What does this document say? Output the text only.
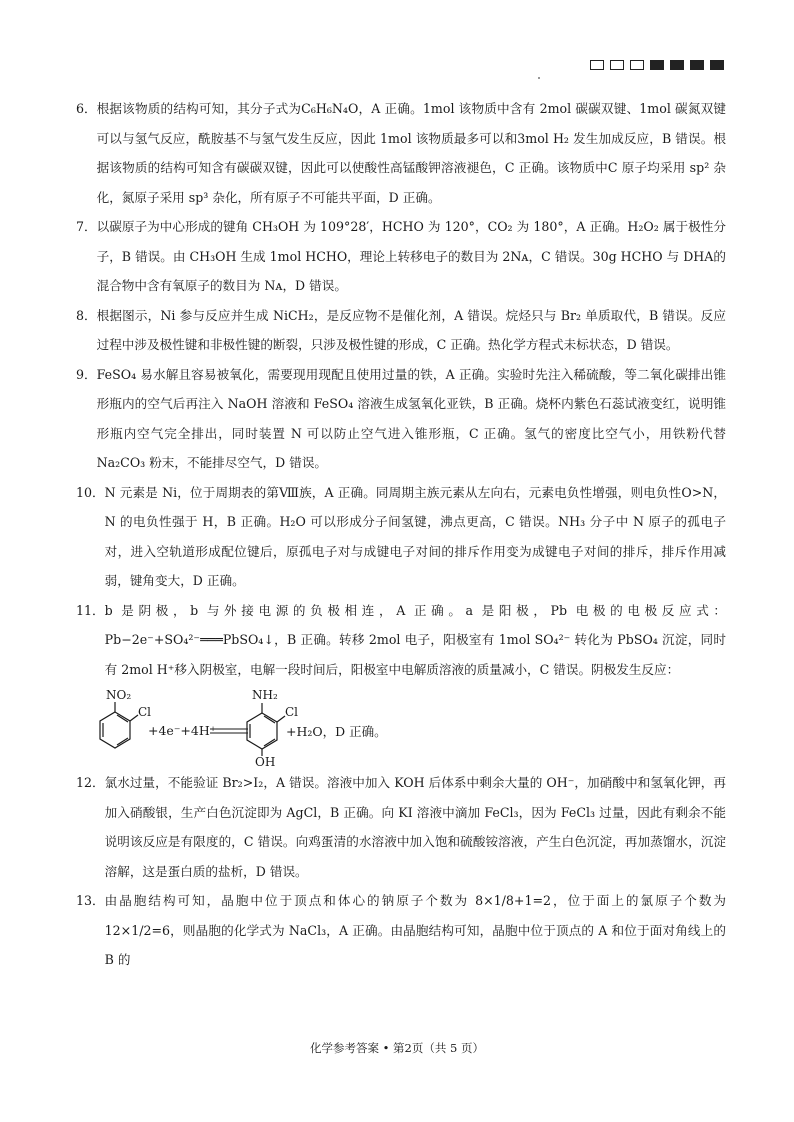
6． 根据该物质的结构可知，其分子式为C₆H₆N₄O，A 正确。1mol 该物质中含有 2mol 碳碳双键、1mol 碳氮双键可以与氢气反应，酰胺基不与氢气发生反应，因此 1mol 该物质最多可以和3mol H₂ 发生加成反应，B 错误。根据该物质的结构可知含有碳碳双键，因此可以使酸性高锰酸钾溶液褪色，C 正确。该物质中C 原子均采用 sp² 杂化，氮原子采用 sp³ 杂化，所有原子不可能共平面，D 正确。
7． 以碳原子为中心形成的键角 CH₃OH 为 109°28′，HCHO 为 120°，CO₂ 为 180°，A 正确。H₂O₂ 属于极性分子，B 错误。由 CH₃OH 生成 1mol HCHO，理论上转移电子的数目为 2Nᴀ，C 错误。30g HCHO 与 DHA的混合物中含有氧原子的数目为 Nᴀ，D 错误。
8． 根据图示，Ni 参与反应并生成 NiCH₂，是反应物不是催化剂，A 错误。烷烃只与 Br₂ 单质取代，B 错误。反应过程中涉及极性键和非极性键的断裂，只涉及极性键的形成，C 正确。热化学方程式未标状态，D 错误。
9． FeSO₄ 易水解且容易被氧化，需要现用现配且使用过量的铁，A 正确。实验时先注入稀硫酸，等二氧化碳排出锥形瓶内的空气后再注入 NaOH 溶液和 FeSO₄ 溶液生成氢氧化亚铁，B 正确。烧杯内紫色石蕊试液变红，说明锥形瓶内空气完全排出，同时装置 N 可以防止空气进入锥形瓶，C 正确。氢气的密度比空气小，用铁粉代替 Na₂CO₃ 粉末，不能排尽空气，D 错误。
10． N 元素是 Ni，位于周期表的第Ⅷ族，A 正确。同周期主族元素从左向右，元素电负性增强，则电负性O>N，N 的电负性强于 H，B 正确。H₂O 可以形成分子间氢键，沸点更高，C 错误。NH₃ 分子中 N 原子的孤电子对，进入空轨道形成配位键后，原孤电子对与成键电子对间的排斥作用变为成键电子对间的排斥，排斥作用减弱，键角变大，D 正确。
11． b 是阴极，b 与外接电源的负极相连，A 正确。a 是阳极，Pb 电极的电极反应式：Pb−2e⁻+SO₄²⁻═══PbSO₄↓，B 正确。转移 2mol 电子，阳极室有 1mol SO₄²⁻ 转化为 PbSO₄ 沉淀，同时有 2mol H⁺移入阴极室，电解一段时间后，阳极室中电解质溶液的质量减小，C 错误。阴极发生反应：
NO₂
Cl
+4e⁻+4H⁺
NH₂
Cl
OH
+H₂O，D 正确。
12． 氯水过量，不能验证 Br₂>I₂，A 错误。溶液中加入 KOH 后体系中剩余大量的 OH⁻，加硝酸中和氢氧化钾，再加入硝酸银，生产白色沉淀即为 AgCl，B 正确。向 KI 溶液中滴加 FeCl₃，因为 FeCl₃ 过量，因此有剩余不能说明该反应是有限度的，C 错误。向鸡蛋清的水溶液中加入饱和硫酸铵溶液，产生白色沉淀，再加蒸馏水，沉淀溶解，这是蛋白质的盐析，D 错误。
13． 由晶胞结构可知，晶胞中位于顶点和体心的钠原子个数为 8×1/8+1=2，位于面上的氯原子个数为 12×1/2=6，则晶胞的化学式为 NaCl₃，A 正确。由晶胞结构可知，晶胞中位于顶点的 A 和位于面对角线上的 B 的
化学参考答案 • 第2页（共 5 页）
